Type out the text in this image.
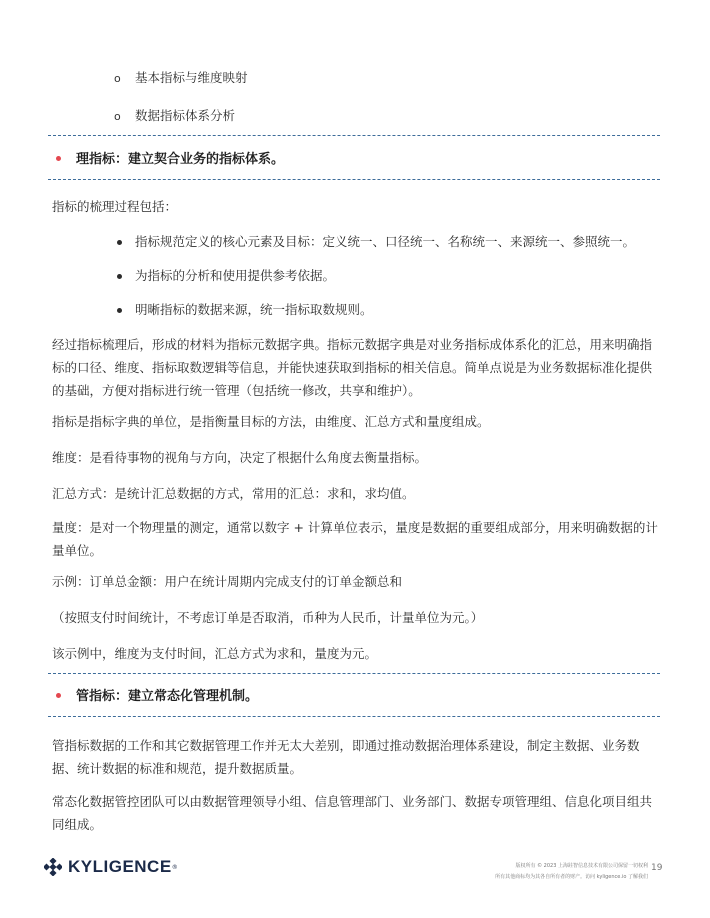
o 基本指标与维度映射
o 数据指标体系分析
理指标：建立契合业务的指标体系。
指标的梳理过程包括：
指标规范定义的核心元素及目标：定义统一、口径统一、名称统一、来源统一、参照统一。
为指标的分析和使用提供参考依据。
明晰指标的数据来源，统一指标取数规则。
经过指标梳理后，形成的材料为指标元数据字典。指标元数据字典是对业务指标成体系化的汇总，用来明确指标的口径、维度、指标取数逻辑等信息，并能快速获取到指标的相关信息。简单点说是为业务数据标准化提供的基础，方便对指标进行统一管理（包括统一修改，共享和维护）。
指标是指标字典的单位，是指衡量目标的方法，由维度、汇总方式和量度组成。
维度：是看待事物的视角与方向，决定了根据什么角度去衡量指标。
汇总方式：是统计汇总数据的方式，常用的汇总：求和，求均值。
量度：是对一个物理量的测定，通常以数字 + 计算单位表示，量度是数据的重要组成部分，用来明确数据的计量单位。
示例：订单总金额：用户在统计周期内完成支付的订单金额总和
（按照支付时间统计，不考虑订单是否取消，币种为人民币，计量单位为元。）
该示例中，维度为支付时间，汇总方式为求和，量度为元。
管指标：建立常态化管理机制。
管指标数据的工作和其它数据管理工作并无太大差别，即通过推动数据治理体系建设，制定主数据、业务数据、统计数据的标准和规范，提升数据质量。
常态化数据管控团队可以由数据管理领导小组、信息管理部门、业务部门、数据专项管理组、信息化项目组共同组成。
KYLIGENCE ®	版权所有 © 2023 上海跬智信息技术有限公司保留一切权利
所有其他商标均为其各自所有者的财产。访问 kyligence.io 了解我们
19
